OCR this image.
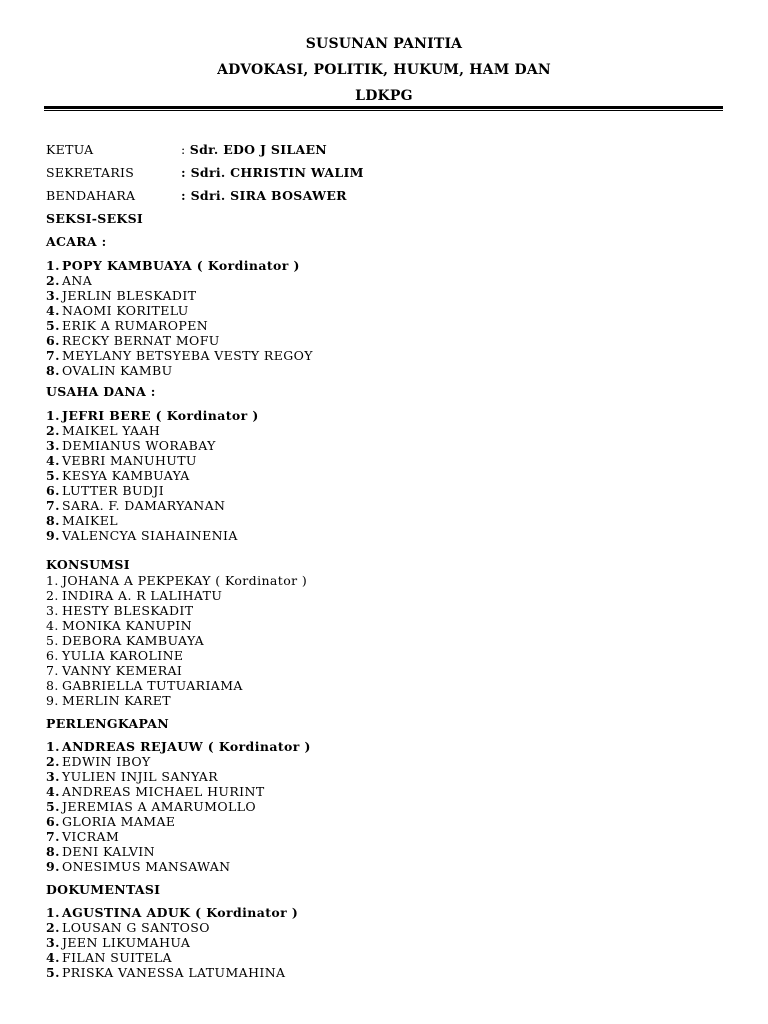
SUSUNAN PANITIA
ADVOKASI, POLITIK, HUKUM, HAM DAN
LDKPG
KETUA	: Sdr. EDO J SILAEN
SEKRETARIS	: Sdri. CHRISTIN WALIM
BENDAHARA	: Sdri. SIRA BOSAWER
SEKSI-SEKSI
ACARA :
1. POPY KAMBUAYA ( Kordinator )
2. ANA
3. JERLIN BLESKADIT
4. NAOMI KORITELU
5. ERIK A RUMAROPEN
6. RECKY BERNAT MOFU
7. MEYLANY BETSYEBA VESTY REGOY
8. OVALIN KAMBU
USAHA DANA :
1. JEFRI BERE ( Kordinator )
2. MAIKEL YAAH
3. DEMIANUS WORABAY
4. VEBRI MANUHUTU
5. KESYA KAMBUAYA
6. LUTTER BUDJI
7. SARA. F. DAMARYANAN
8. MAIKEL
9. VALENCYA SIAHAINENIA
KONSUMSI
1. JOHANA A PEKPEKAY ( Kordinator )
2. INDIRA A. R LALIHATU
3. HESTY BLESKADIT
4. MONIKA KANUPIN
5. DEBORA KAMBUAYA
6. YULIA KAROLINE
7. VANNY KEMERAI
8. GABRIELLA TUTUARIAMA
9. MERLIN KARET
PERLENGKAPAN
1. ANDREAS REJAUW ( Kordinator )
2. EDWIN IBOY
3. YULIEN INJIL SANYAR
4. ANDREAS MICHAEL HURINT
5. JEREMIAS A AMARUMOLLO
6. GLORIA MAMAE
7. VICRAM
8. DENI KALVIN
9. ONESIMUS MANSAWAN
DOKUMENTASI
1. AGUSTINA ADUK ( Kordinator )
2. LOUSAN G SANTOSO
3. JEEN LIKUMAHUA
4. FILAN SUITELA
5. PRISKA VANESSA LATUMAHINA
